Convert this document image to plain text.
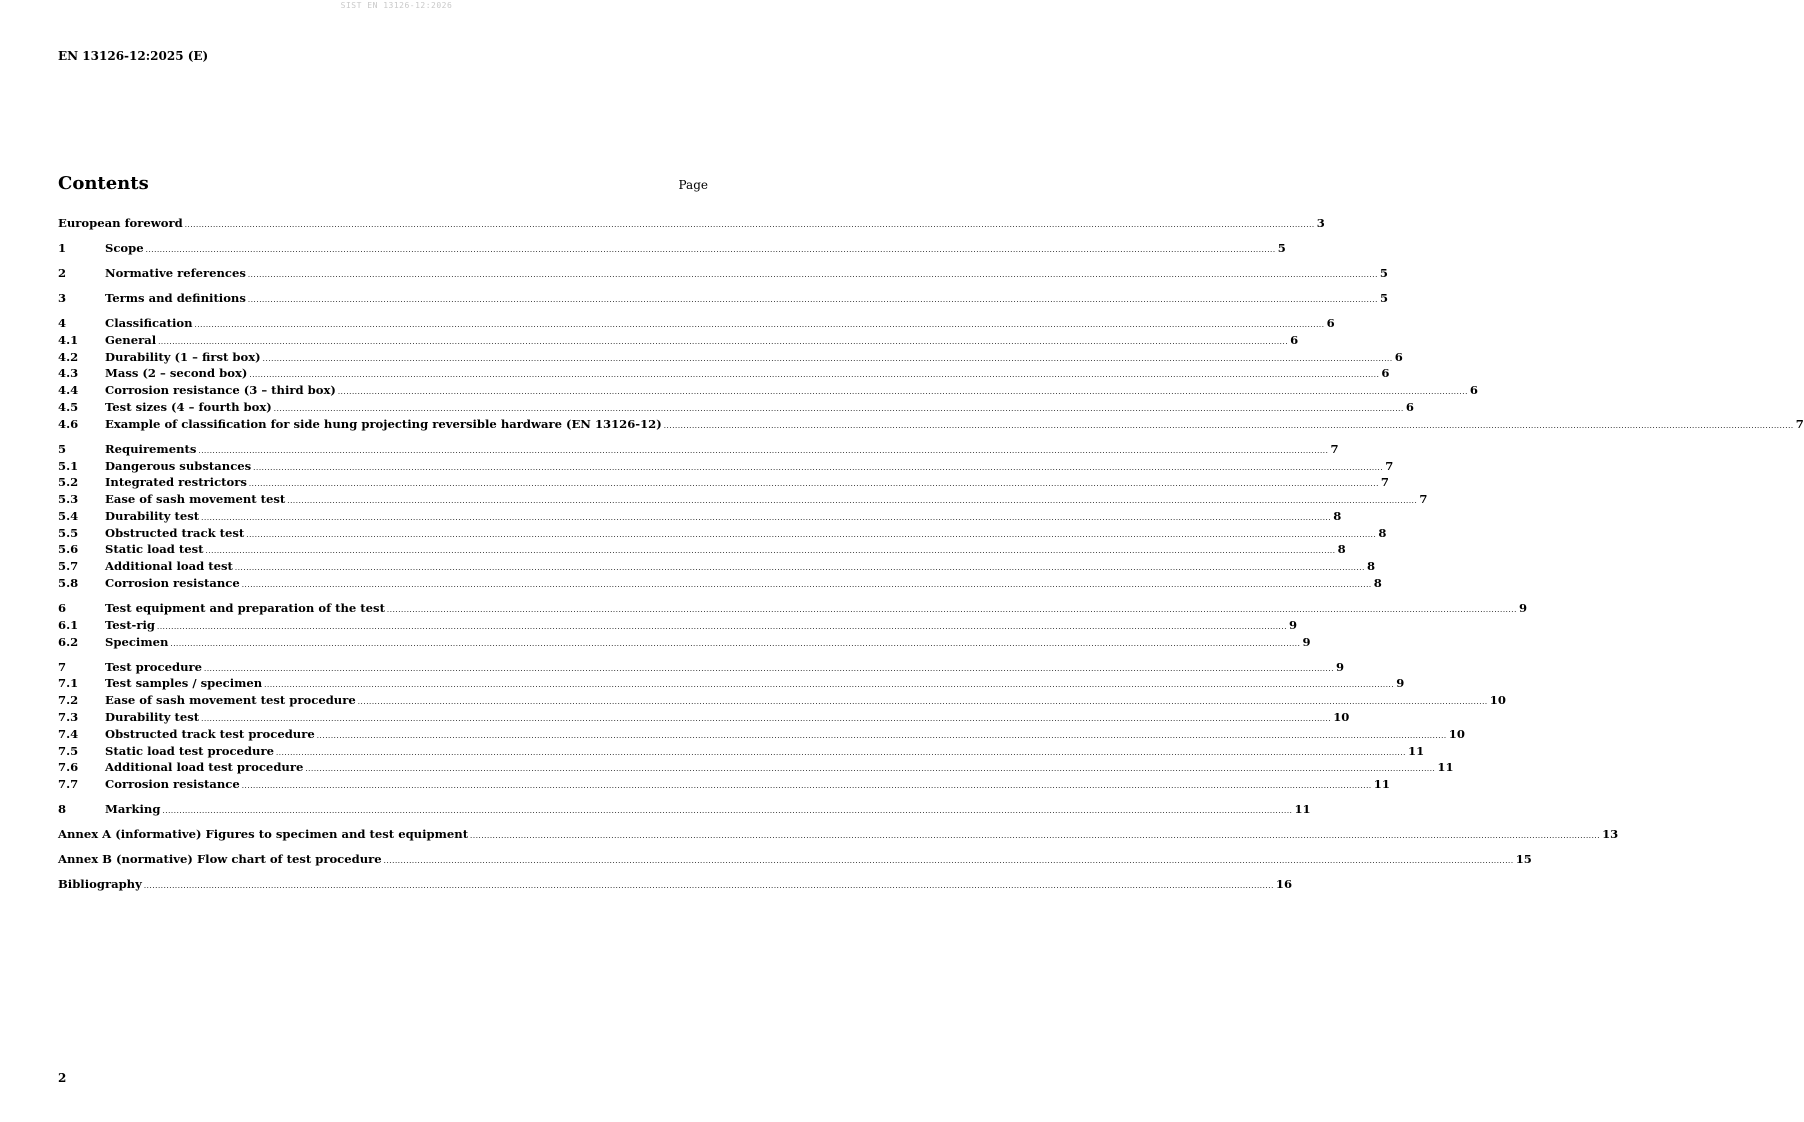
SIST EN 13126-12:2026
EN 13126-12:2025 (E)
Contents	Page
European foreword ................................................................................................................................................................................................................................................................................................................................................................................................................ 3
1	Scope ................................................................................................................................................................................................................................................................................................................................................................................................................ 5
2	Normative references ................................................................................................................................................................................................................................................................................................................................................................................................................ 5
3	Terms and definitions ................................................................................................................................................................................................................................................................................................................................................................................................................ 5
4	Classification ................................................................................................................................................................................................................................................................................................................................................................................................................ 6
4.1	General ................................................................................................................................................................................................................................................................................................................................................................................................................ 6
4.2	Durability (1 – first box) ................................................................................................................................................................................................................................................................................................................................................................................................................ 6
4.3	Mass (2 – second box) ................................................................................................................................................................................................................................................................................................................................................................................................................ 6
4.4	Corrosion resistance (3 – third box) ................................................................................................................................................................................................................................................................................................................................................................................................................ 6
4.5	Test sizes (4 – fourth box) ................................................................................................................................................................................................................................................................................................................................................................................................................ 6
4.6	Example of classification for side hung projecting reversible hardware (EN 13126-12) ................................................................................................................................................................................................................................................................................................................................................................................................................ 7
5	Requirements ................................................................................................................................................................................................................................................................................................................................................................................................................ 7
5.1	Dangerous substances ................................................................................................................................................................................................................................................................................................................................................................................................................ 7
5.2	Integrated restrictors ................................................................................................................................................................................................................................................................................................................................................................................................................ 7
5.3	Ease of sash movement test ................................................................................................................................................................................................................................................................................................................................................................................................................ 7
5.4	Durability test ................................................................................................................................................................................................................................................................................................................................................................................................................ 8
5.5	Obstructed track test ................................................................................................................................................................................................................................................................................................................................................................................................................ 8
5.6	Static load test ................................................................................................................................................................................................................................................................................................................................................................................................................ 8
5.7	Additional load test ................................................................................................................................................................................................................................................................................................................................................................................................................ 8
5.8	Corrosion resistance ................................................................................................................................................................................................................................................................................................................................................................................................................ 8
6	Test equipment and preparation of the test ................................................................................................................................................................................................................................................................................................................................................................................................................ 9
6.1	Test-rig ................................................................................................................................................................................................................................................................................................................................................................................................................ 9
6.2	Specimen ................................................................................................................................................................................................................................................................................................................................................................................................................ 9
7	Test procedure ................................................................................................................................................................................................................................................................................................................................................................................................................ 9
7.1	Test samples / specimen ................................................................................................................................................................................................................................................................................................................................................................................................................ 9
7.2	Ease of sash movement test procedure ................................................................................................................................................................................................................................................................................................................................................................................................................ 10
7.3	Durability test ................................................................................................................................................................................................................................................................................................................................................................................................................ 10
7.4	Obstructed track test procedure ................................................................................................................................................................................................................................................................................................................................................................................................................ 10
7.5	Static load test procedure ................................................................................................................................................................................................................................................................................................................................................................................................................ 11
7.6	Additional load test procedure ................................................................................................................................................................................................................................................................................................................................................................................................................ 11
7.7	Corrosion resistance ................................................................................................................................................................................................................................................................................................................................................................................................................ 11
8	Marking ................................................................................................................................................................................................................................................................................................................................................................................................................ 11
Annex A (informative) Figures to specimen and test equipment ................................................................................................................................................................................................................................................................................................................................................................................................................ 13
Annex B (normative) Flow chart of test procedure ................................................................................................................................................................................................................................................................................................................................................................................................................ 15
Bibliography ................................................................................................................................................................................................................................................................................................................................................................................................................ 16
2
